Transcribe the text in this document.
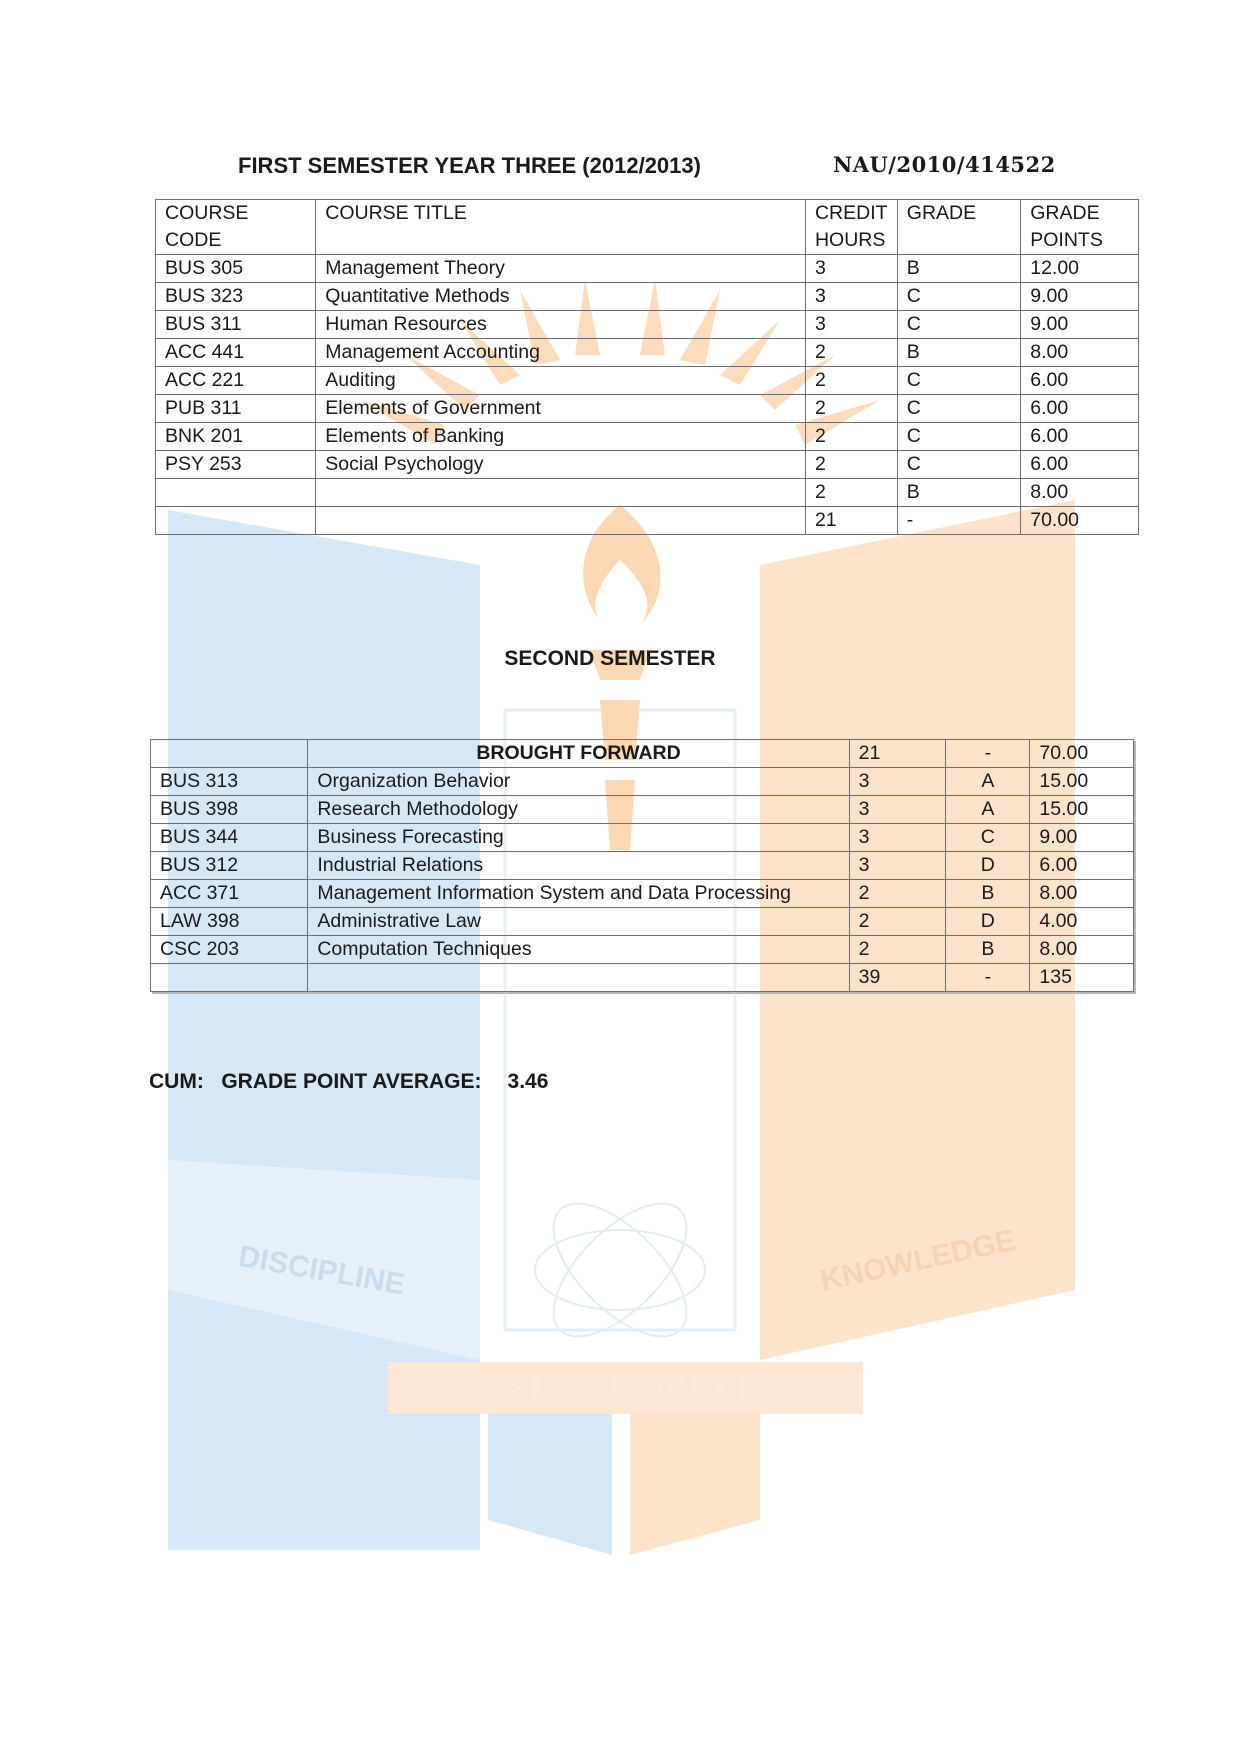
SELF RELIANCE
DISCIPLINE	KNOWLEDGE
FIRST SEMESTER YEAR THREE (2012/2013)	NAU/2010/414522
COURSE CODE	COURSE TITLE	CREDIT HOURS	GRADE	GRADE POINTS

BUS 305	Management Theory	3	B	12.00
BUS 323	Quantitative Methods	3	C	9.00
BUS 311	Human Resources	3	C	9.00
ACC 441	Management Accounting	2	B	8.00
ACC 221	Auditing	2	C	6.00
PUB 311	Elements of Government	2	C	6.00
BNK 201	Elements of Banking	2	C	6.00
PSY 253	Social Psychology	2	C	6.00
		2	B	8.00
		21	-	70.00
SECOND SEMESTER
	BROUGHT FORWARD	21	-	70.00
BUS 313	Organization Behavior	3	A	15.00
BUS 398	Research Methodology	3	A	15.00
BUS 344	Business Forecasting	3	C	9.00
BUS 312	Industrial Relations	3	D	6.00
ACC 371	Management Information System and Data Processing	2	B	8.00
LAW 398	Administrative Law	2	D	4.00
CSC 203	Computation Techniques	2	B	8.00
		39	-	135
CUM:   GRADE POINT AVERAGE: 3.46
